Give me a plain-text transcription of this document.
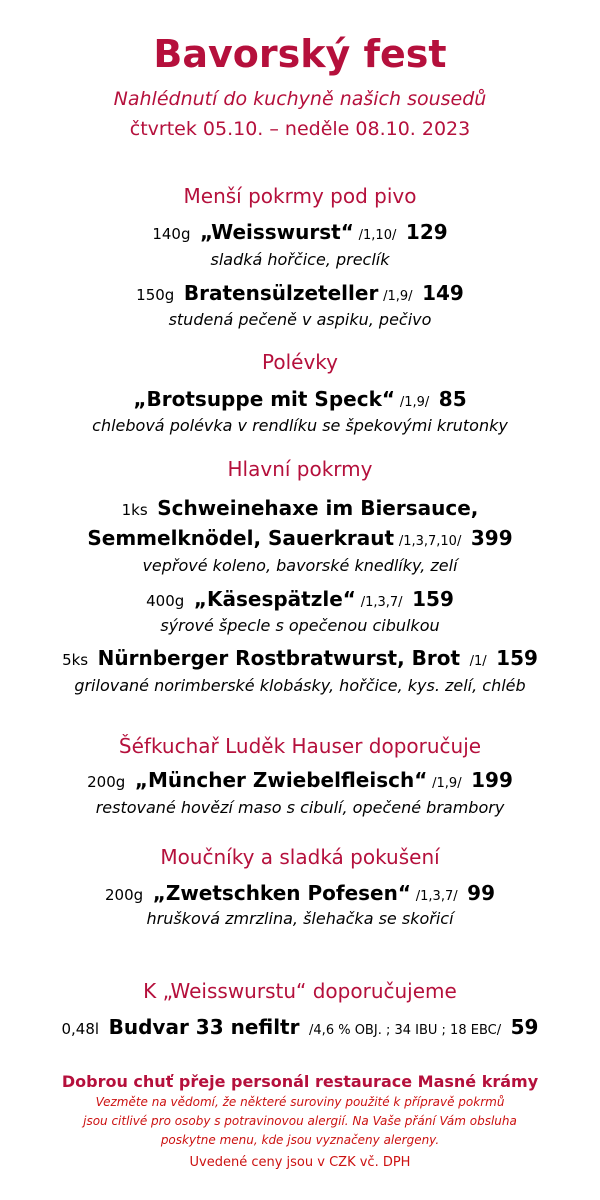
Bavorský fest
Nahlédnutí do kuchyně našich sousedů
čtvrtek 05.10. – neděle 08.10. 2023
Menší pokrmy pod pivo
140g „Weisswurst“ /1,10/ 129
sladká hořčice, preclík
150g Bratensülzeteller /1,9/ 149
studená pečeně v aspiku, pečivo
Polévky
„Brotsuppe mit Speck“ /1,9/ 85
chlebová polévka v rendlíku se špekovými krutonky
Hlavní pokrmy
1ks Schweinehaxe im Biersauce,
Semmelknödel, Sauerkraut /1,3,7,10/ 399
vepřové koleno, bavorské knedlíky, zelí
400g „Käsespätzle“ /1,3,7/ 159
sýrové špecle s opečenou cibulkou
5ks Nürnberger Rostbratwurst, Brot /1/ 159
grilované norimberské klobásky, hořčice, kys. zelí, chléb
Šéfkuchař Luděk Hauser doporučuje
200g „Müncher Zwiebelfleisch“ /1,9/ 199
restované hovězí maso s cibulí, opečené brambory
Moučníky a sladká pokušení
200g „Zwetschken Pofesen“ /1,3,7/ 99
hrušková zmrzlina, šlehačka se skořicí
K „Weisswurstu“ doporučujeme
0,48l Budvar 33 nefiltr /4,6 % OBJ. ; 34 IBU ; 18 EBC/ 59
Dobrou chuť přeje personál restaurace Masné krámy
Vezměte na vědomí, že některé suroviny použité k přípravě pokrmů
jsou citlivé pro osoby s potravinovou alergií. Na Vaše přání Vám obsluha
poskytne menu, kde jsou vyznačeny alergeny.
Uvedené ceny jsou v CZK vč. DPH
